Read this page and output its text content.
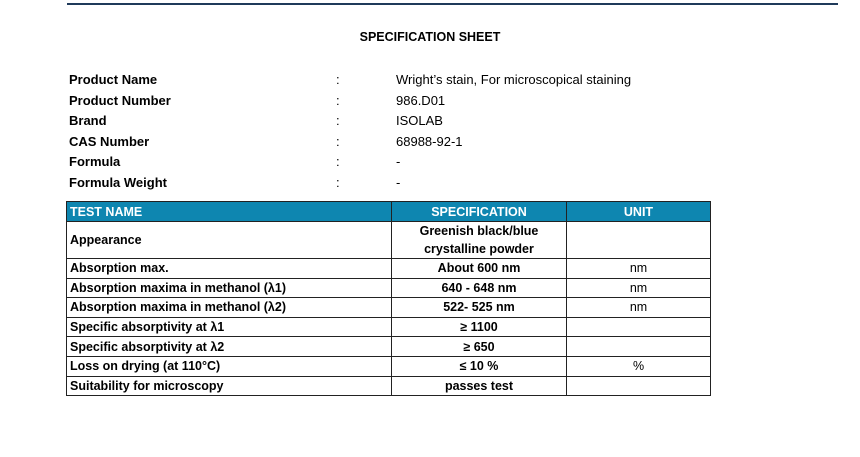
SPECIFICATION SHEET
Product Name	:	Wright’s stain, For microscopical staining
Product Number	:	986.D01
Brand	:	ISOLAB
CAS Number	:	68988-92-1
Formula	:	-
Formula Weight	:	-
TEST NAME	SPECIFICATION	UNIT
Appearance	Greenish black/blue crystalline powder	
Absorption max.	About 600 nm	nm
Absorption maxima in methanol (λ1)	640 - 648 nm	nm
Absorption maxima in methanol (λ2)	522- 525 nm	nm
Specific absorptivity at λ1	≥ 1100	
Specific absorptivity at λ2	≥ 650	
Loss on drying (at 110°C)	≤ 10 %	%
Suitability for microscopy	passes test	
